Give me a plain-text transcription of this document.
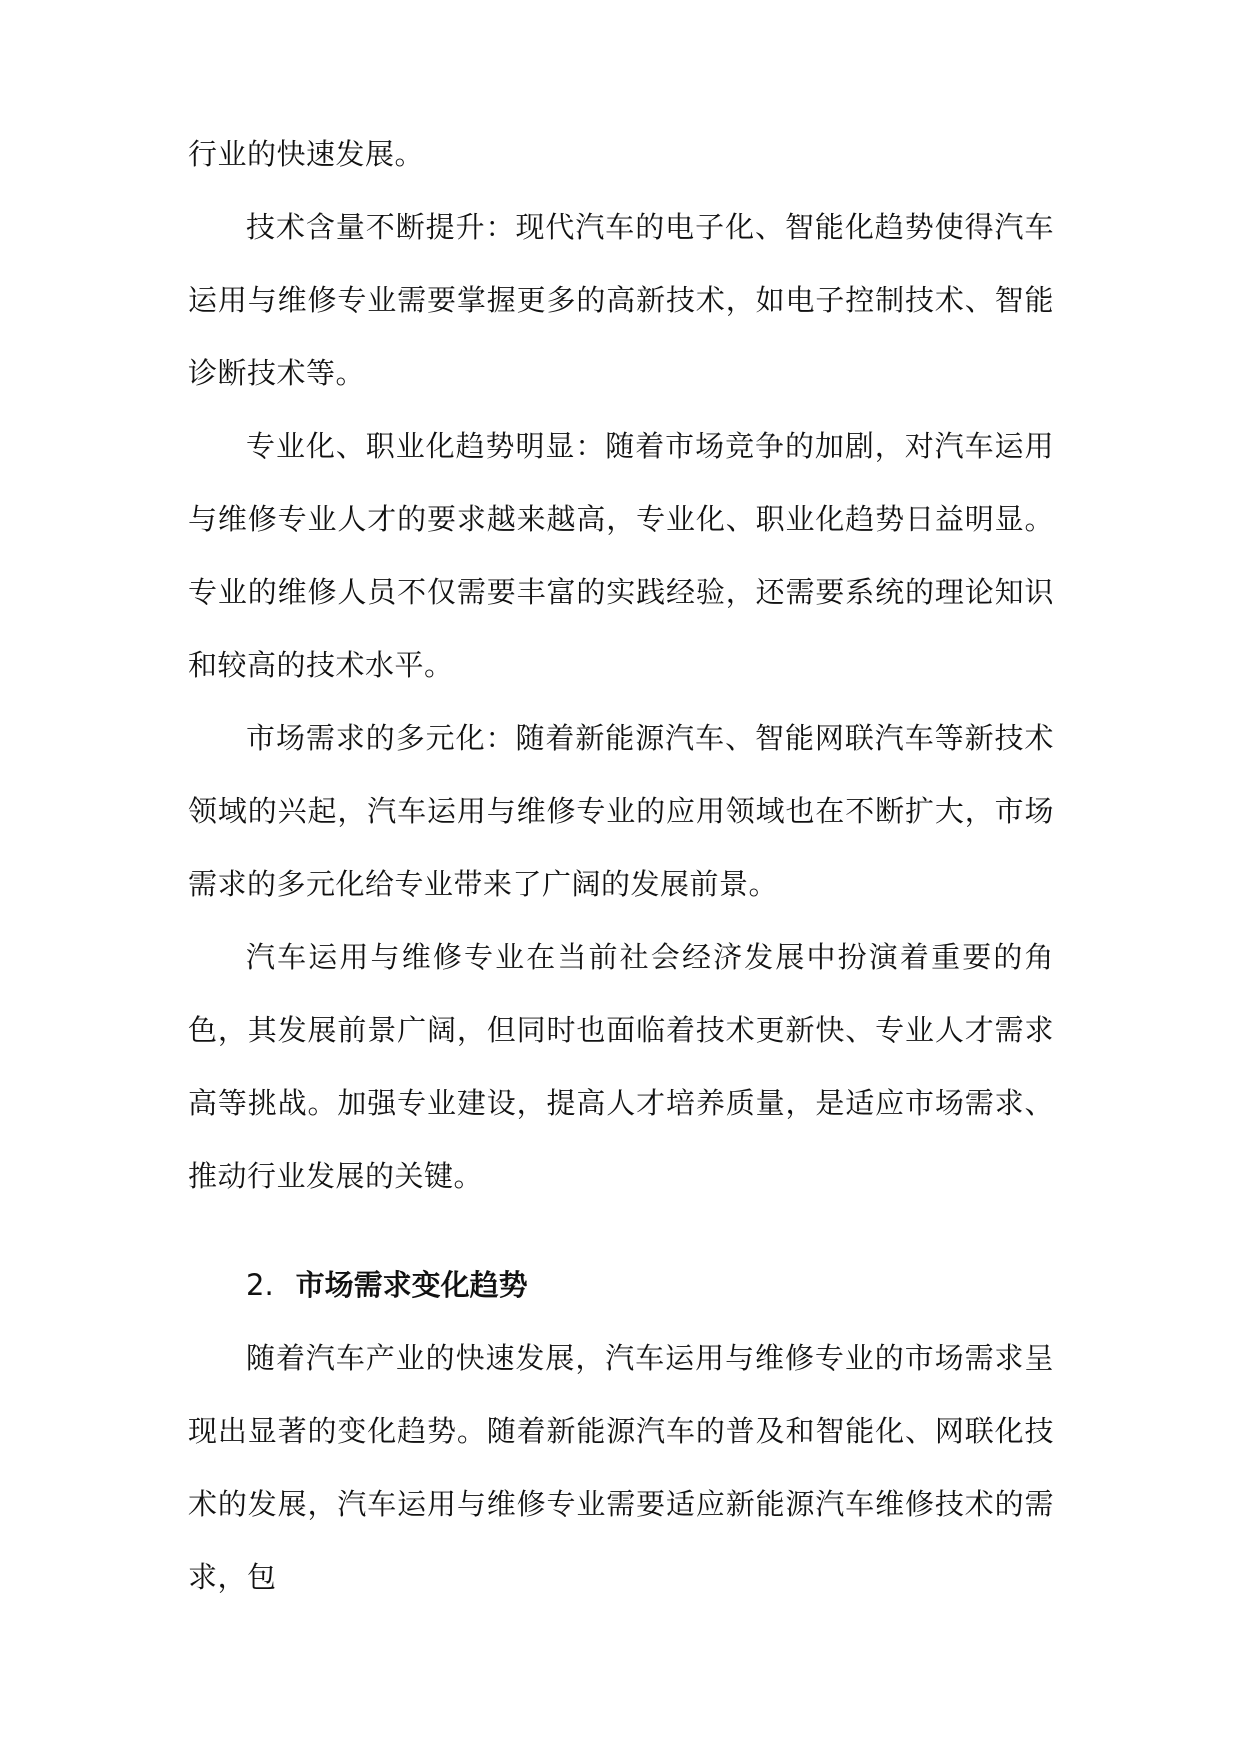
行业的快速发展。

技术含量不断提升：现代汽车的电子化、智能化趋势使得汽车运用与维修专业需要掌握更多的高新技术，如电子控制技术、智能诊断技术等。

专业化、职业化趋势明显：随着市场竞争的加剧，对汽车运用与维修专业人才的要求越来越高，专业化、职业化趋势日益明显。专业的维修人员不仅需要丰富的实践经验，还需要系统的理论知识和较高的技术水平。

市场需求的多元化：随着新能源汽车、智能网联汽车等新技术领域的兴起，汽车运用与维修专业的应用领域也在不断扩大，市场需求的多元化给专业带来了广阔的发展前景。

汽车运用与维修专业在当前社会经济发展中扮演着重要的角色，其发展前景广阔，但同时也面临着技术更新快、专业人才需求高等挑战。加强专业建设，提高人才培养质量，是适应市场需求、推动行业发展的关键。

2. 市场需求变化趋势

随着汽车产业的快速发展，汽车运用与维修专业的市场需求呈现出显著的变化趋势。随着新能源汽车的普及和智能化、网联化技术的发展，汽车运用与维修专业需要适应新能源汽车维修技术的需求，包
